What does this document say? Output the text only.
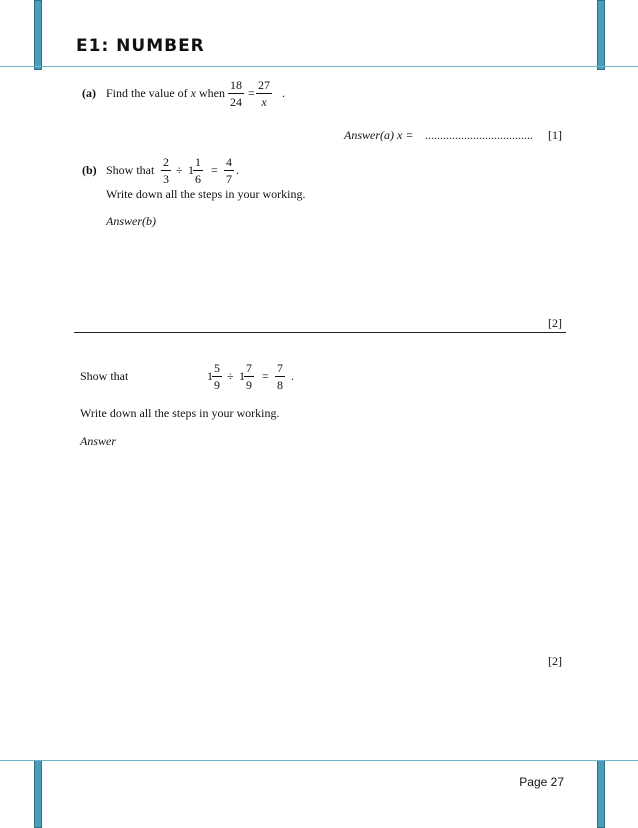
E1: NUMBER
(a) Find the value of x when
18
24
=
27
x
.
Answer(a) x = .................................... [1]
(b) Show that
2
3
÷ 1
1
6
=
4
7
.
Write down all the steps in your working.
Answer(b)
[2]
Show that	1
5
9
÷ 1
7
9
=
7
8
.
Write down all the steps in your working.
Answer
[2]
Page 27
